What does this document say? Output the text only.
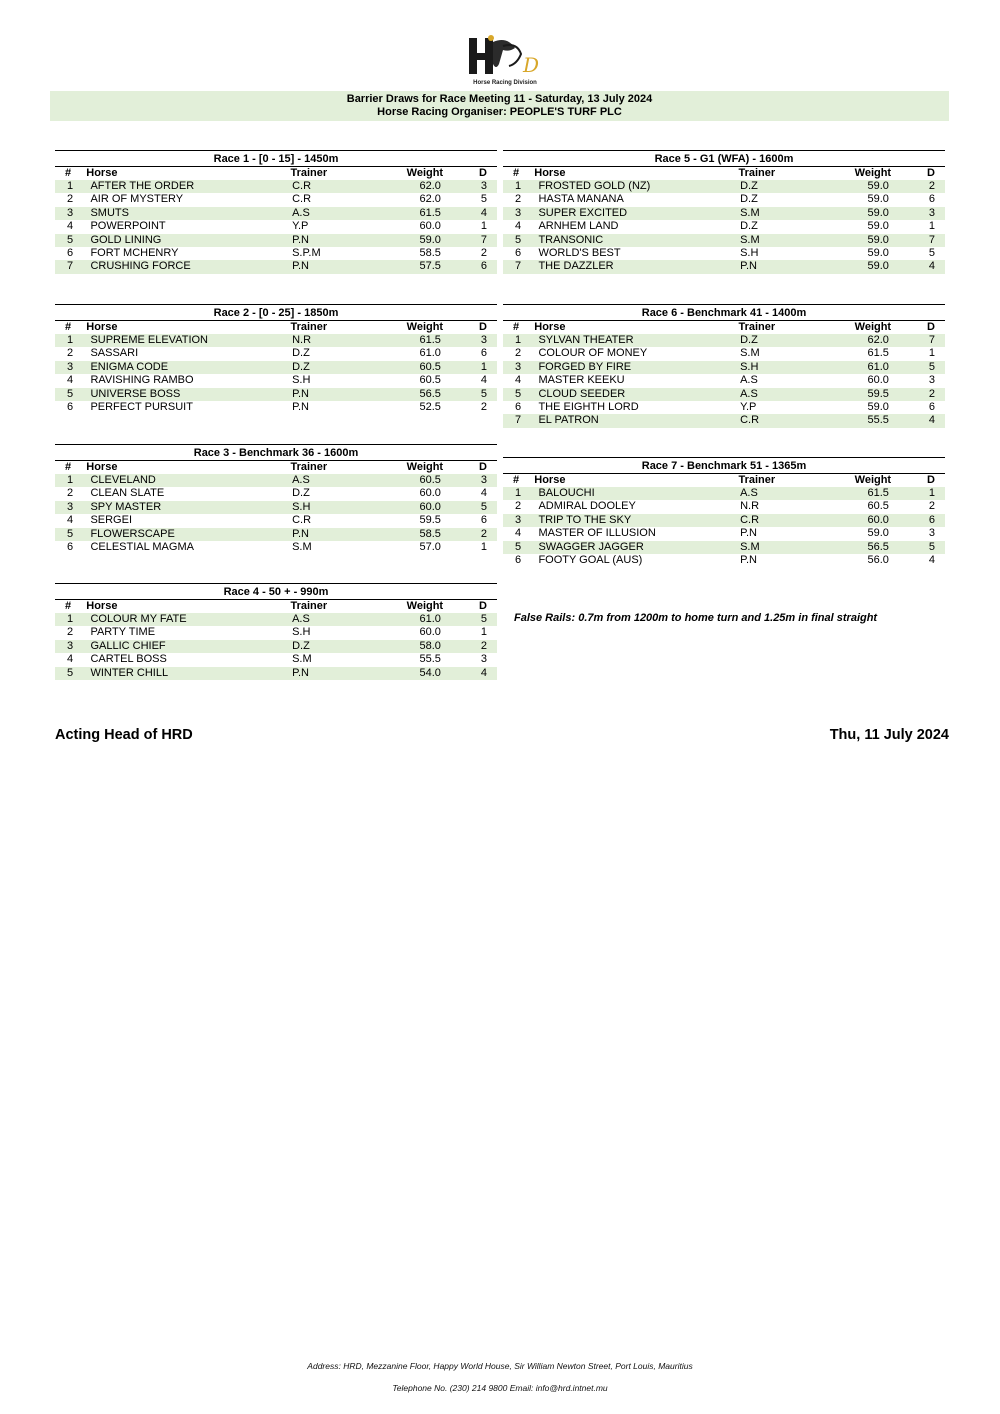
D
Horse Racing Division
Barrier Draws for Race Meeting 11 - Saturday, 13 July 2024
Horse Racing Organiser: PEOPLE'S TURF PLC
Race 1 - [0 - 15] - 1450m
#	Horse	Trainer	Weight	D
1	AFTER THE ORDER	C.R	62.0	3
2	AIR OF MYSTERY	C.R	62.0	5
3	SMUTS	A.S	61.5	4
4	POWERPOINT	Y.P	60.0	1
5	GOLD LINING	P.N	59.0	7
6	FORT MCHENRY	S.P.M	58.5	2
7	CRUSHING FORCE	P.N	57.5	6
Race 2 - [0 - 25] - 1850m
#	Horse	Trainer	Weight	D
1	SUPREME ELEVATION	N.R	61.5	3
2	SASSARI	D.Z	61.0	6
3	ENIGMA CODE	D.Z	60.5	1
4	RAVISHING RAMBO	S.H	60.5	4
5	UNIVERSE BOSS	P.N	56.5	5
6	PERFECT PURSUIT	P.N	52.5	2
Race 3 - Benchmark 36 - 1600m
#	Horse	Trainer	Weight	D
1	CLEVELAND	A.S	60.5	3
2	CLEAN SLATE	D.Z	60.0	4
3	SPY MASTER	S.H	60.0	5
4	SERGEI	C.R	59.5	6
5	FLOWERSCAPE	P.N	58.5	2
6	CELESTIAL MAGMA	S.M	57.0	1
Race 4 - 50 + - 990m
#	Horse	Trainer	Weight	D
1	COLOUR MY FATE	A.S	61.0	5
2	PARTY TIME	S.H	60.0	1
3	GALLIC CHIEF	D.Z	58.0	2
4	CARTEL BOSS	S.M	55.5	3
5	WINTER CHILL	P.N	54.0	4
Race 5 - G1 (WFA) - 1600m
#	Horse	Trainer	Weight	D
1	FROSTED GOLD (NZ)	D.Z	59.0	2
2	HASTA MANANA	D.Z	59.0	6
3	SUPER EXCITED	S.M	59.0	3
4	ARNHEM LAND	D.Z	59.0	1
5	TRANSONIC	S.M	59.0	7
6	WORLD'S BEST	S.H	59.0	5
7	THE DAZZLER	P.N	59.0	4
Race 6 - Benchmark 41 - 1400m
#	Horse	Trainer	Weight	D
1	SYLVAN THEATER	D.Z	62.0	7
2	COLOUR OF MONEY	S.M	61.5	1
3	FORGED BY FIRE	S.H	61.0	5
4	MASTER KEEKU	A.S	60.0	3
5	CLOUD SEEDER	A.S	59.5	2
6	THE EIGHTH LORD	Y.P	59.0	6
7	EL PATRON	C.R	55.5	4
Race 7 - Benchmark 51 - 1365m
#	Horse	Trainer	Weight	D
1	BALOUCHI	A.S	61.5	1
2	ADMIRAL DOOLEY	N.R	60.5	2
3	TRIP TO THE SKY	C.R	60.0	6
4	MASTER OF ILLUSION	P.N	59.0	3
5	SWAGGER JAGGER	S.M	56.5	5
6	FOOTY GOAL (AUS)	P.N	56.0	4
False Rails: 0.7m from 1200m to home turn and 1.25m in final straight
Acting Head of HRD	Thu, 11 July 2024
Address: HRD, Mezzanine Floor, Happy World House, Sir William Newton Street, Port Louis, Mauritius
Telephone No. (230) 214 9800 Email: info@hrd.intnet.mu
